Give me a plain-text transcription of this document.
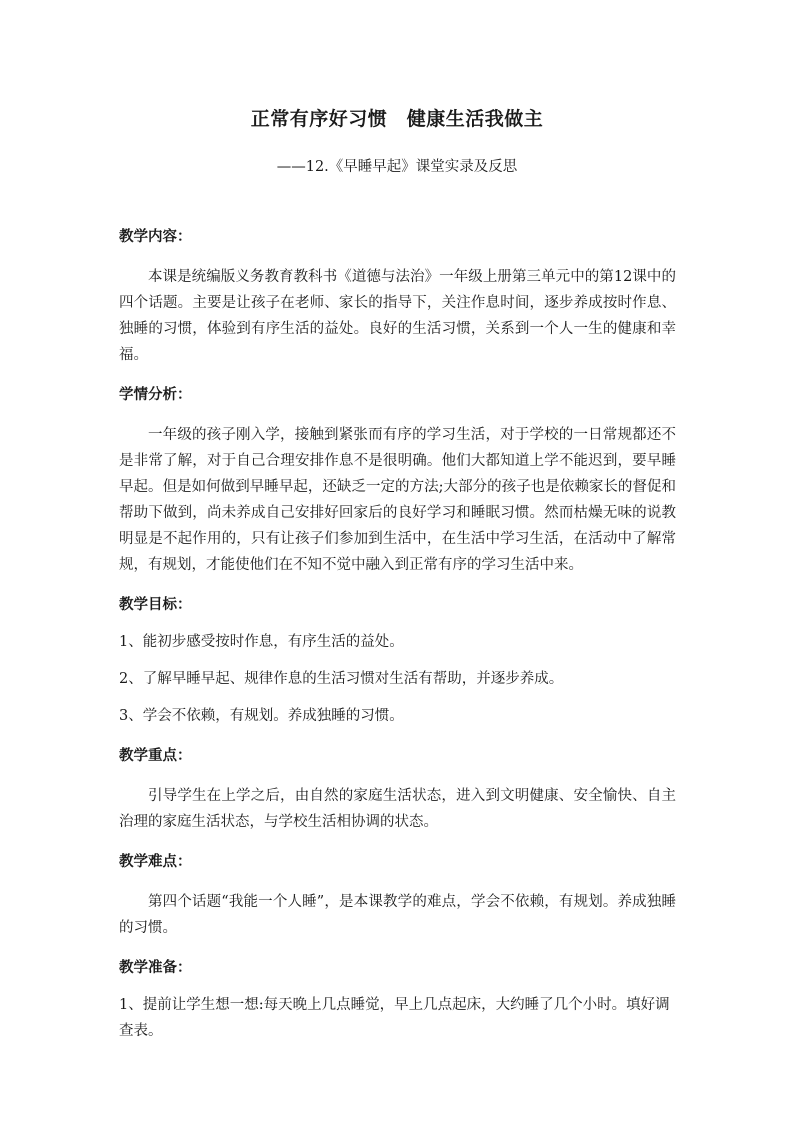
正常有序好习惯　健康生活我做主
——12.《早睡早起》课堂实录及反思

教学内容：

本课是统编版义务教育教科书《道德与法治》一年级上册第三单元中的第12课中的四个话题。主要是让孩子在老师、家长的指导下，关注作息时间，逐步养成按时作息、独睡的习惯，体验到有序生活的益处。良好的生活习惯，关系到一个人一生的健康和幸福。

学情分析：

一年级的孩子刚入学，接触到紧张而有序的学习生活，对于学校的一日常规都还不是非常了解，对于自己合理安排作息不是很明确。他们大都知道上学不能迟到，要早睡早起。但是如何做到早睡早起，还缺乏一定的方法;大部分的孩子也是依赖家长的督促和帮助下做到，尚未养成自己安排好回家后的良好学习和睡眠习惯。然而枯燥无味的说教明显是不起作用的，只有让孩子们参加到生活中，在生活中学习生活，在活动中了解常规，有规划，才能使他们在不知不觉中融入到正常有序的学习生活中来。

教学目标：

1、能初步感受按时作息，有序生活的益处。

2、了解早睡早起、规律作息的生活习惯对生活有帮助，并逐步养成。

3、学会不依赖，有规划。养成独睡的习惯。

教学重点：

引导学生在上学之后，由自然的家庭生活状态，进入到文明健康、安全愉快、自主治理的家庭生活状态，与学校生活相协调的状态。

教学难点：

第四个话题“我能一个人睡”，是本课教学的难点，学会不依赖，有规划。养成独睡的习惯。

教学准备：

1、提前让学生想一想:每天晚上几点睡觉，早上几点起床，大约睡了几个小时。填好调查表。
